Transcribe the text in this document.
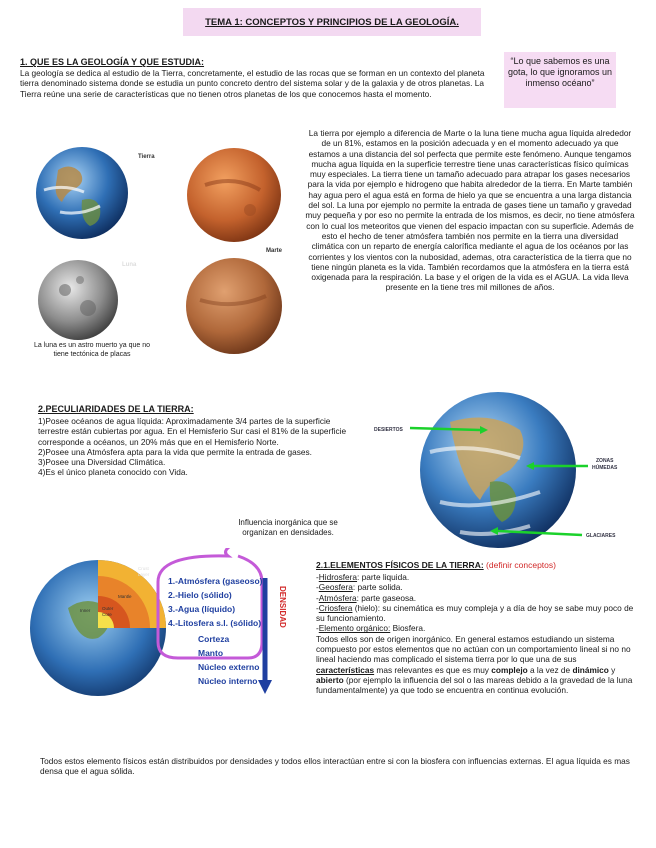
TEMA 1: CONCEPTOS Y PRINCIPIOS DE LA GEOLOGÍA.
“Lo que sabemos es una gota, lo que ignoramos un inmenso océano”
1. QUE ES LA GEOLOGÍA Y QUE ESTUDIA:
La geología se dedica al estudio de la Tierra, concretamente, el estudio de las rocas que se forman en un contexto del planeta tierra denominado sistema donde se estudia un punto concreto dentro del sistema solar y de la galaxia y de otros planetas. La Tierra reúne una serie de características que no tienen otros planetas de los que conocemos hasta el momento.
Tierra
Marte
Luna
La luna es un astro muerto ya que no tiene tectónica de placas
La tierra por ejemplo a diferencia de Marte o la luna tiene mucha agua líquida alrededor de un 81%, estamos en la posición adecuada y en el momento adecuado ya que estamos a una distancia del sol perfecta que permite este fenómeno. Aunque tengamos mucha agua líquida en la superficie terrestre tiene unas características físico químicas muy especiales. La tierra tiene un tamaño adecuado para atrapar los gases necesarios para la vida por ejemplo e hidrogeno que habita alrededor de la tierra. En Marte también hay agua pero el agua está en forma de hielo ya que se encuentra a una larga distancia del sol. La luna por ejemplo no permite la entrada de gases tiene un tamaño y gravedad muy pequeña y por eso no permite la entrada de los mismos, es decir, no tiene atmósfera con lo cual los meteoritos que vienen del espacio impactan con su superficie. Además de esto el hecho de tener atmósfera también nos permite en la tierra una diversidad climática con un reparto de energía calorífica mediante el agua de los océanos por las corrientes y los vientos con la nubosidad, ademas, otra característica de la tierra que no tiene ningún planeta es la vida. También recordamos que la atmósfera en la tierra está oxigenada para la respiración. La base y el origen de la vida es el AGUA. La vida lleva presente en la tiene tres mil millones de años.
2.PECULIARIDADES DE LA TIERRA:
1)Posee océanos de agua líquida: Aproximadamente 3/4 partes de la superficie terrestre están cubiertas por agua. En el Hemisferio Sur casi el 81% de la superficie corresponde a océanos, un 20% más que en el Hemisferio Norte.
2)Posee una Atmósfera apta para la vida que permite la entrada de gases.
3)Posee una Diversidad Climática.
4)Es el único planeta conocido con Vida.
DESIERTOS
ZONAS
HÚMEDAS
GLACIARES
Influencia inorgánica que se organizan en densidades.
Crust
Layer
Mantle
Outer
Core
Inner
1.-Atmósfera (gaseoso)
2.-Hielo (sólido)
3.-Agua (líquido)
4.-Litosfera s.l. (sólido)
Corteza
Manto
Núcleo externo
Núcleo interno
DENSIDAD
2.1.ELEMENTOS FÍSICOS DE LA TIERRA: (definir conceptos)
-Hidrosfera: parte liquida.
-Geosfera: parte solida.
-Atmósfera: parte gaseosa.
-Criosfera (hielo): su cinemática es muy compleja y a día de hoy se sabe muy poco de su funcionamiento.
-Elemento orgánico: Biosfera.
Todos ellos son de origen inorgánico. En general estamos estudiando un sistema compuesto por estos elementos que no actúan con un comportamiento lineal si no no lineal haciendo mas complicado el sistema tierra por lo que una de sus características mas relevantes es que es muy complejo a la vez de dinámico y abierto (por ejemplo la influencia del sol o las mareas debido a la gravedad de la luna fundamentalmente) ya que todo se encuentra en continua evolución.
Todos estos elemento físicos están distribuidos por densidades y todos ellos interactúan entre si con la biosfera con influencias externas. El agua líquida es mas densa que el agua sólida.
